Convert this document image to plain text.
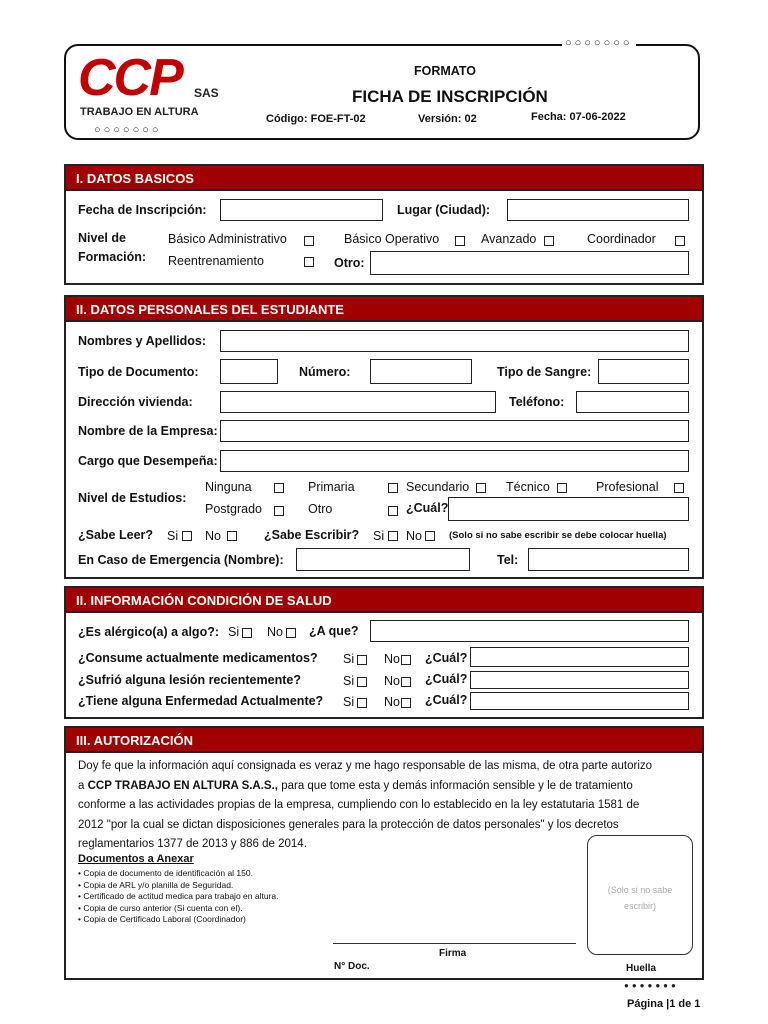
CCP SAS
TRABAJO EN ALTURA
○○○○○○○
○○○○○○○
FORMATO
FICHA DE INSCRIPCIÓN
Código: FOE-FT-02	Versión: 02	Fecha: 07-06-2022
I. DATOS BASICOS
Fecha de Inscripción:	Lugar (Ciudad):
Nivel de
Formación:
Básico Administrativo	Básico Operativo	Avanzado	Coordinador
Reentrenamiento	Otro:
II. DATOS PERSONALES DEL ESTUDIANTE
Nombres y Apellidos:
Tipo de Documento:	Número:	Tipo de Sangre:
Dirección vivienda:	Teléfono:
Nombre de la Empresa:
Cargo que Desempeña:
Nivel de Estudios:
Ninguna	Primaria	Secundario	Técnico	Profesional
Postgrado	Otro	¿Cuál?
¿Sabe Leer? Si No	¿Sabe Escribir? Si No	(Solo si no sabe escribir se debe colocar huella)
En Caso de Emergencia (Nombre):	Tel:
II. INFORMACIÓN CONDICIÓN DE SALUD
¿Es alérgico(a) a algo?: Si No ¿A que?
¿Consume actualmente medicamentos? Si No ¿Cuál?
¿Sufrió alguna lesión recientemente?	Si No ¿Cuál?
¿Tiene alguna Enfermedad Actualmente? Si No ¿Cuál?
III. AUTORIZACIÓN
Doy fe que la información aquí consignada es veraz y me hago responsable de las misma, de otra parte autorizo
a CCP TRABAJO EN ALTURA S.A.S., para que tome esta y demás información sensible y le de tratamiento
conforme a las actividades propias de la empresa, cumpliendo con lo establecido en la ley estatutaria 1581 de
2012 "por la cual se dictan disposiciones generales para la protección de datos personales" y los decretos
reglamentarios 1377 de 2013 y 886 de 2014.
Documentos a Anexar
• Copia de documento de identificación al 150.
• Copia de ARL y/o planilla de Seguridad.
• Certificado de actitud medica para trabajo en altura.
• Copia de curso anterior (Si cuenta con el).
• Copia de Certificado Laboral (Coordinador)
(Solo si no sabe escribir)
Firma
N° Doc.	Huella
●●●●●●●
Página |1 de 1
